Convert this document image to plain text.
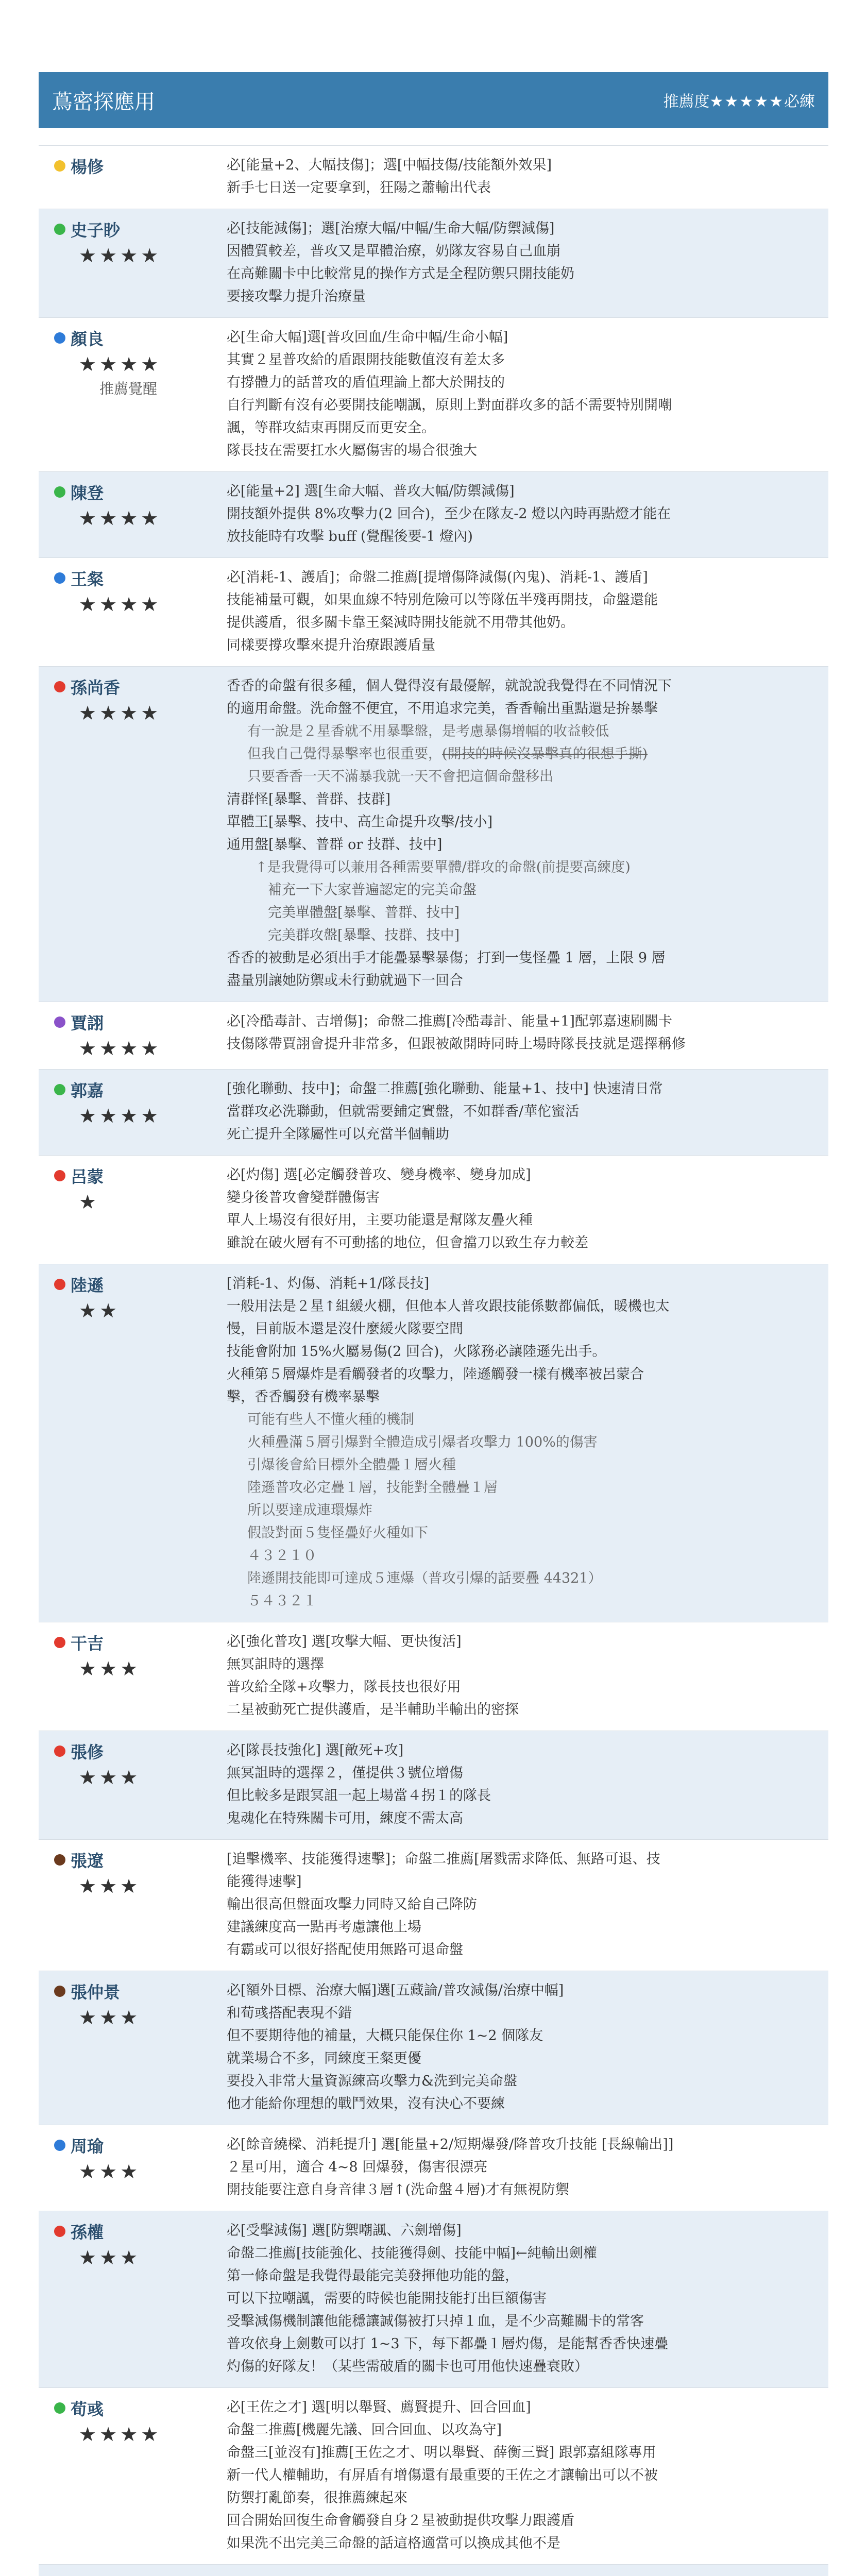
蔦密探應用	推薦度★★★★★必練
楊修	必[能量+2、大幅技傷]；選[中幅技傷/技能額外效果]
新手七日送一定要拿到，狂陽之蕭輸出代表
史子眇
★★★★
必[技能減傷]；選[治療大幅/中幅/生命大幅/防禦減傷]
因體質較差，普攻又是單體治療，奶隊友容易自己血崩
在高難關卡中比較常見的操作方式是全程防禦只開技能奶
要接攻擊力提升治療量
顏良
★★★★
推薦覺醒
必[生命大幅]選[普攻回血/生命中幅/生命小幅]
其實２星普攻給的盾跟開技能數值沒有差太多
有撐體力的話普攻的盾值理論上都大於開技的
自行判斷有沒有必要開技能嘲諷，原則上對面群攻多的話不需要特別開嘲
諷，等群攻結束再開反而更安全。
隊長技在需要扛水火屬傷害的場合很強大
陳登
★★★★
必[能量+2] 選[生命大幅、普攻大幅/防禦減傷]
開技額外提供 8%攻擊力(2 回合)，至少在隊友-2 燈以內時再點燈才能在
放技能時有攻擊 buff (覺醒後要-1 燈內)
王粲
★★★★
必[消耗-1、護盾]；命盤二推薦[提增傷降減傷(內鬼)、消耗-1、護盾]
技能補量可觀，如果血線不特別危險可以等隊伍半殘再開技，命盤還能
提供護盾，很多關卡靠王粲減時開技能就不用帶其他奶。
同樣要撐攻擊來提升治療跟護盾量
孫尚香
★★★★
香香的命盤有很多種，個人覺得沒有最優解，就說說我覺得在不同情況下
的適用命盤。洗命盤不便宜，不用追求完美，香香輸出重點還是拚暴擊
有一說是２星香就不用暴擊盤，是考慮暴傷增幅的收益較低
但我自己覺得暴擊率也很重要，(開技的時候沒暴擊真的很想手撕)
只要香香一天不滿暴我就一天不會把這個命盤移出
清群怪[暴擊、普群、技群]
單體王[暴擊、技中、高生命提升攻擊/技小]
通用盤[暴擊、普群 or 技群、技中]
↑是我覺得可以兼用各種需要單體/群攻的命盤(前提要高練度)
補充一下大家普遍認定的完美命盤
完美單體盤[暴擊、普群、技中]
完美群攻盤[暴擊、技群、技中]
香香的被動是必須出手才能疊暴擊暴傷；打到一隻怪疊 1 層，上限 9 層
盡量別讓她防禦或未行動就過下一回合
賈詡
★★★★
必[冷酷毒計、吉增傷]；命盤二推薦[冷酷毒計、能量+1]配郭嘉速刷關卡
技傷隊帶賈詡會提升非常多，但跟被敵開時同時上場時隊長技就是選擇稱修
郭嘉
★★★★
[強化聯動、技中]；命盤二推薦[強化聯動、能量+1、技中] 快速清日常
當群攻必洗聯動，但就需要鋪定實盤，不如群香/華佗蜜活
死亡提升全隊屬性可以充當半個輔助
呂蒙
★
必[灼傷] 選[必定觸發普攻、變身機率、變身加成]
變身後普攻會變群體傷害
單人上場沒有很好用，主要功能還是幫隊友疊火種
雖說在破火層有不可動搖的地位，但會擋刀以致生存力較差
陸遜
★★
[消耗-1、灼傷、消耗+1/隊長技]
一般用法是２星↑組緩火棚，但他本人普攻跟技能係數都偏低，暖機也太
慢，目前版本還是沒什麼緩火隊要空間
技能會附加 15%火屬易傷(2 回合)，火隊務必讓陸遜先出手。
火種第５層爆炸是看觸發者的攻擊力，陸遜觸發一樣有機率被呂蒙合
擊，香香觸發有機率暴擊
可能有些人不懂火種的機制
火種疊滿５層引爆對全體造成引爆者攻擊力 100%的傷害
引爆後會給目標外全體疊１層火種
陸遜普攻必定疊１層，技能對全體疊１層
所以要達成連環爆炸
假設對面５隻怪疊好火種如下
４３２１０
陸遜開技能即可達成５連爆（普攻引爆的話要疊 44321）
５４３２１
干吉
★★★
必[強化普攻] 選[攻擊大幅、更快復活]
無冥詛時的選擇
普攻給全隊+攻擊力，隊長技也很好用
二星被動死亡提供護盾，是半輔助半輸出的密探
張修
★★★
必[隊長技強化] 選[敵死+攻]
無冥詛時的選擇２，僅提供３號位增傷
但比較多是跟冥詛一起上場當４拐１的隊長
鬼魂化在特殊關卡可用，練度不需太高
張遼
★★★
[追擊機率、技能獲得速擊]；命盤二推薦[屠戮需求降低、無路可退、技
能獲得速擊]
輸出很高但盤面攻擊力同時又給自己降防
建議練度高一點再考慮讓他上場
有霸或可以很好搭配使用無路可退命盤
張仲景
★★★
必[額外目標、治療大幅]選[五藏論/普攻減傷/治療中幅]
和荀彧搭配表現不錯
但不要期待他的補量，大概只能保住你 1~2 個隊友
就業場合不多，同練度王粲更優
要投入非常大量資源練高攻擊力&洗到完美命盤
他才能給你理想的戰鬥效果，沒有決心不要練
周瑜
★★★
必[餘音繞樑、消耗提升] 選[能量+2/短期爆發/降普攻升技能 [長線輸出]]
２星可用，適合 4~8 回爆發，傷害很漂亮
開技能要注意自身音律３層↑(洗命盤４層)才有無視防禦
孫權
★★★
必[受擊減傷] 選[防禦嘲諷、六劍增傷]
命盤二推薦[技能強化、技能獲得劍、技能中幅]←純輸出劍權
第一條命盤是我覺得最能完美發揮他功能的盤，
可以下拉嘲諷，需要的時候也能開技能打出巨額傷害
受擊減傷機制讓他能穩讓誠傷被打只掉１血，是不少高難關卡的常客
普攻依身上劍數可以打 1~3 下，每下都疊１層灼傷，是能幫香香快速疊
灼傷的好隊友！（某些需破盾的關卡也可用他快速疊衰敗）
荀彧
★★★★
必[王佐之才] 選[明以舉賢、薦賢提升、回合回血]
命盤二推薦[機麗先議、回合回血、以攻為守]
命盤三[並沒有]推薦[王佐之才、明以舉賢、薛衡三賢] 跟郭嘉組隊專用
新一代人權輔助，有屏盾有增傷還有最重要的王佐之才讓輸出可以不被
防禦打亂節奏，很推薦練起來
回合開始回復生命會觸發自身２星被動提供攻擊力跟護盾
如果洗不出完美三命盤的話這格適當可以換成其他不是
